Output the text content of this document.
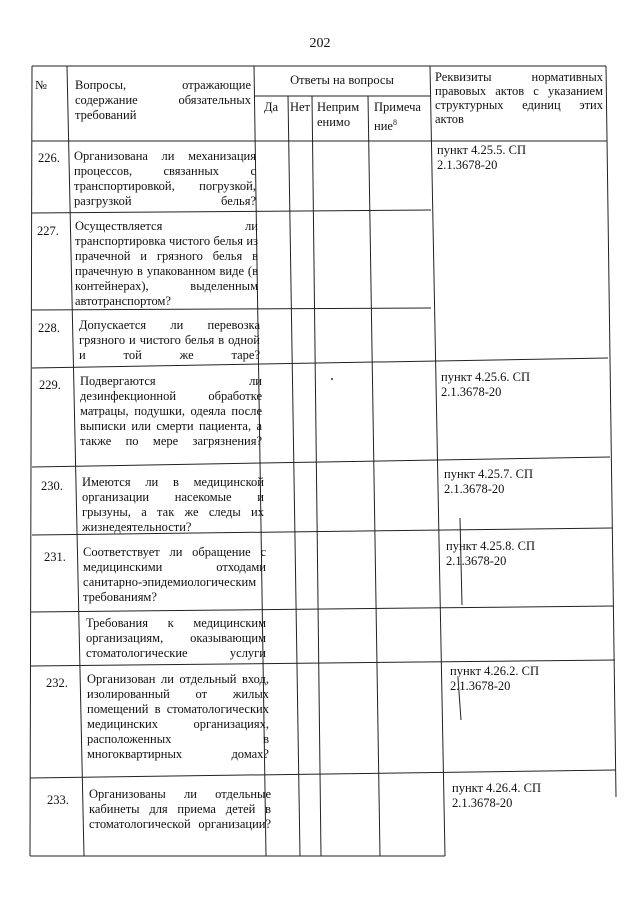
202
№ Вопросы, отражающие содержание обязательных требований
Ответы на вопросы
Да Нет Неприм енимо
Примеча ние$^8$
Реквизиты нормативных правовых актов с указанием структурных единиц этих актов
226. Организована ли механизация процессов, связанных с транспортировкой, погрузкой, разгрузкой белья?
пункт 4.25.5. СП 2.1.3678-20
227. Осуществляется ли транспортировка чистого белья из прачечной и грязного белья в прачечную в упакованном виде (в контейнерах), выделенным автотранспортом?
228. Допускается ли перевозка грязного и чистого белья в одной и той же таре?
229. Подвергаются ли дезинфекционной обработке матрацы, подушки, одеяла после выписки или смерти пациента, а также по мере загрязнения?
пункт 4.25.6. СП 2.1.3678-20
230. Имеются ли в медицинской организации насекомые и грызуны, а так же следы их жизнедеятельности?
пункт 4.25.7. СП 2.1.3678-20
231. Соответствует ли обращение с медицинскими отходами санитарно-эпидемиологическим требованиям?
пункт 4.25.8. СП 2.1.3678-20
Требования к медицинским организациям, оказывающим стоматологические услуги
232. Организован ли отдельный вход, изолированный от жилых помещений в стоматологических медицинских организациях, расположенных в многоквартирных домах?
пункт 4.26.2. СП 2.1.3678-20
233. Организованы ли отдельные кабинеты для приема детей в стоматологической организации?
пункт 4.26.4. СП 2.1.3678-20
